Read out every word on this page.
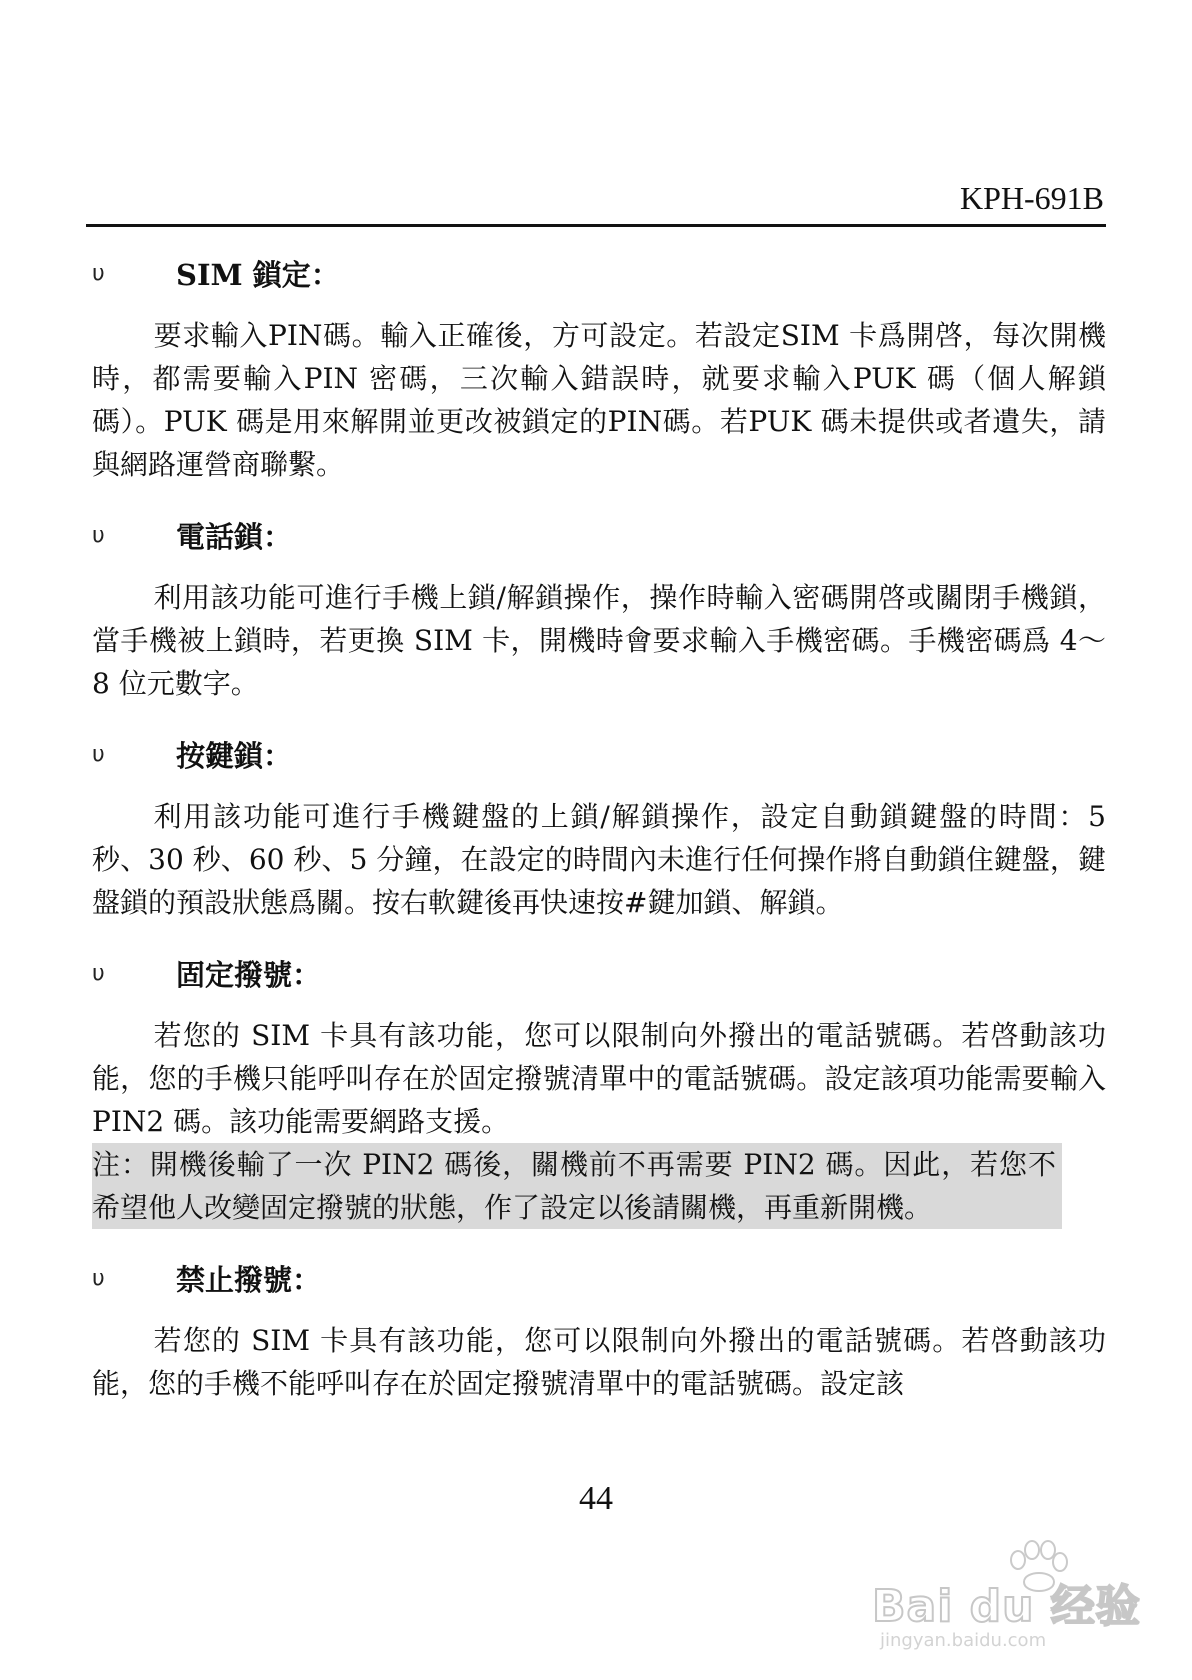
KPH-691B
υ	SIM 鎖定：

要求輸入PIN碼。輸入正確後，方可設定。若設定SIM 卡爲開啓，每次開機時，都需要輸入PIN 密碼，三次輸入錯誤時，就要求輸入PUK 碼（個人解鎖碼）。PUK 碼是用來解開並更改被鎖定的PIN碼。若PUK 碼未提供或者遺失，請與網路運營商聯繫。

υ	電話鎖：

利用該功能可進行手機上鎖/解鎖操作，操作時輸入密碼開啓或關閉手機鎖，當手機被上鎖時，若更換 SIM 卡，開機時會要求輸入手機密碼。手機密碼爲 4～8 位元數字。

υ	按鍵鎖：

利用該功能可進行手機鍵盤的上鎖/解鎖操作，設定自動鎖鍵盤的時間：5 秒、30 秒、60 秒、5 分鐘，在設定的時間內未進行任何操作將自動鎖住鍵盤，鍵盤鎖的預設狀態爲關。按右軟鍵後再快速按#鍵加鎖、解鎖。

υ	固定撥號：

若您的 SIM 卡具有該功能，您可以限制向外撥出的電話號碼。若啓動該功能，您的手機只能呼叫存在於固定撥號清單中的電話號碼。設定該項功能需要輸入 PIN2 碼。該功能需要網路支援。

注：開機後輸了一次 PIN2 碼後，關機前不再需要 PIN2 碼。因此，若您不希望他人改變固定撥號的狀態，作了設定以後請關機，再重新開機。
υ	禁止撥號：

若您的 SIM 卡具有該功能，您可以限制向外撥出的電話號碼。若啓動該功能，您的手機不能呼叫存在於固定撥號清單中的電話號碼。設定該

44
Bai du 经验
jingyan.baidu.com
